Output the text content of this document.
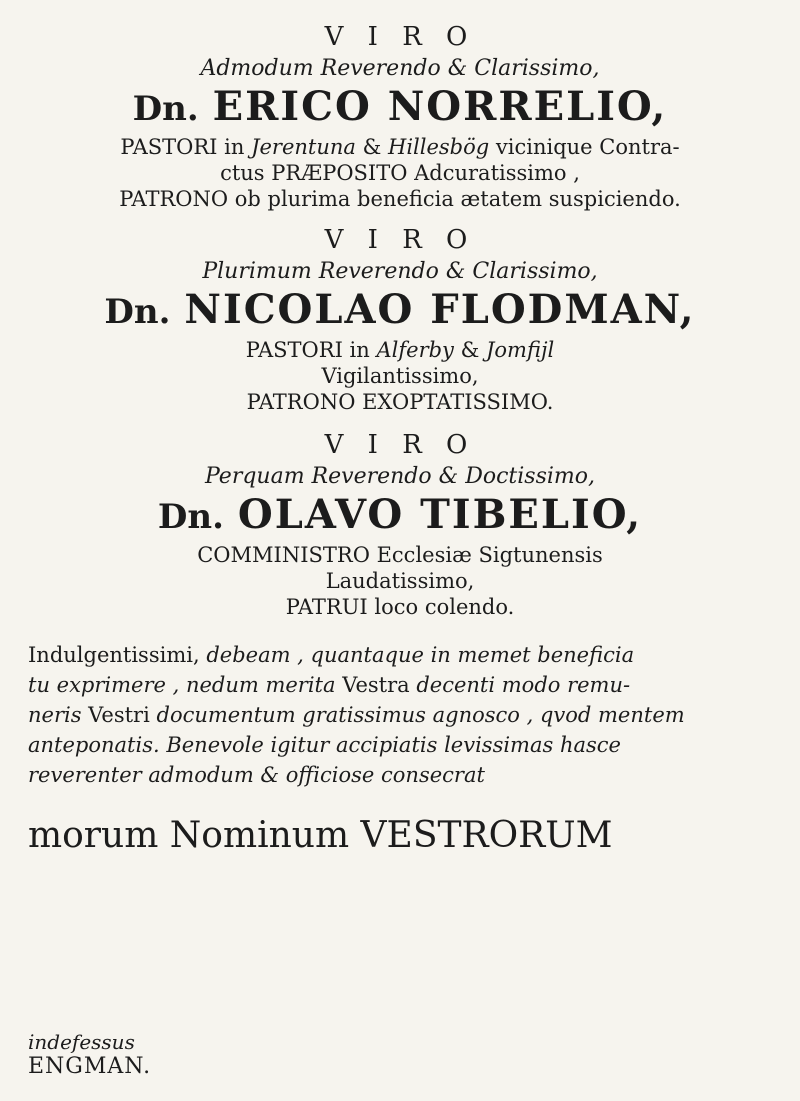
V I R O
Admodum Reverendo & Clarissimo,
Dn. ERICO NORRELIO,
PASTORI in Jerentuna & Hillesbög vicinique Contra-
ctus PRÆPOSITO Adcuratissimo ,
PATRONO ob plurima beneficia ætatem suspiciendo.
V I R O
Plurimum Reverendo & Clarissimo,
Dn. NICOLAO FLODMAN,
PASTORI in Alferby & Jomfijl
Vigilantissimo,
PATRONO EXOPTATISSIMO.
V I R O
Perquam Reverendo & Doctissimo,
Dn. OLAVO TIBELIO,
COMMINISTRO Ecclesiæ Sigtunensis
Laudatissimo,
PATRUI loco colendo.
Indulgentissimi, debeam , quantaque in memet beneficia
tu exprimere , nedum merita Vestra decenti modo remu-
neris Vestri documentum gratissimus agnosco , qvod mentem
anteponatis. Benevole igitur accipiatis levissimas hasce
reverenter admodum & officiose consecrat
morum Nominum VESTRORUM
indefessus
ENGMAN.
